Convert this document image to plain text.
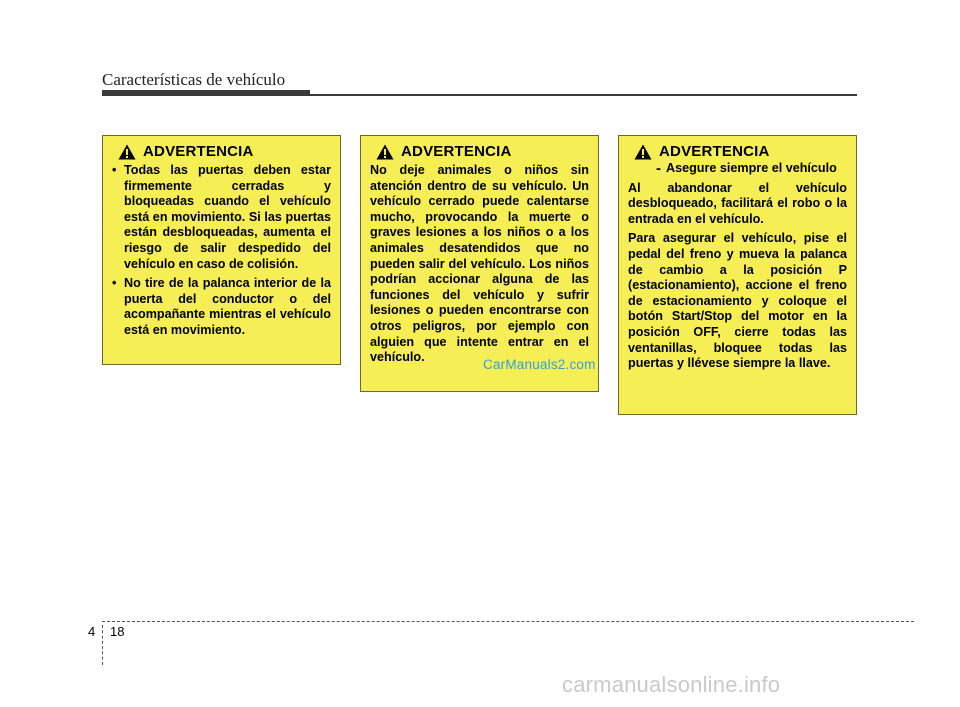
Características de vehículo
ADVERTENCIA
• Todas las puertas deben estar firmemente cerradas y bloqueadas cuando el vehículo está en movimiento. Si las puertas están desbloqueadas, aumenta el riesgo de salir despedido del vehículo en caso de colisión.
• No tire de la palanca interior de la puerta del conductor o del acompañante mientras el vehículo está en movimiento.
ADVERTENCIA
No deje animales o niños sin atención dentro de su vehículo. Un vehículo cerrado puede calentarse mucho, provocando la muerte o graves lesiones a los niños o a los animales desatendidos que no pueden salir del vehículo. Los niños podrían accionar alguna de las funciones del vehículo y sufrir lesiones o pueden encontrarse con otros peligros, por ejemplo con alguien que intente entrar en el vehículo.
ADVERTENCIA
- Asegure siempre el vehículo
Al abandonar el vehículo desbloqueado, facilitará el robo o la entrada en el vehículo.
Para asegurar el vehículo, pise el pedal del freno y mueva la palanca de cambio a la posición P (estacionamiento), accione el freno de estacionamiento y coloque el botón Start/Stop del motor en la posición OFF, cierre todas las ventanillas, bloquee todas las puertas y llévese siempre la llave.
CarManuals2.com
4 18
carmanualsonline.info
